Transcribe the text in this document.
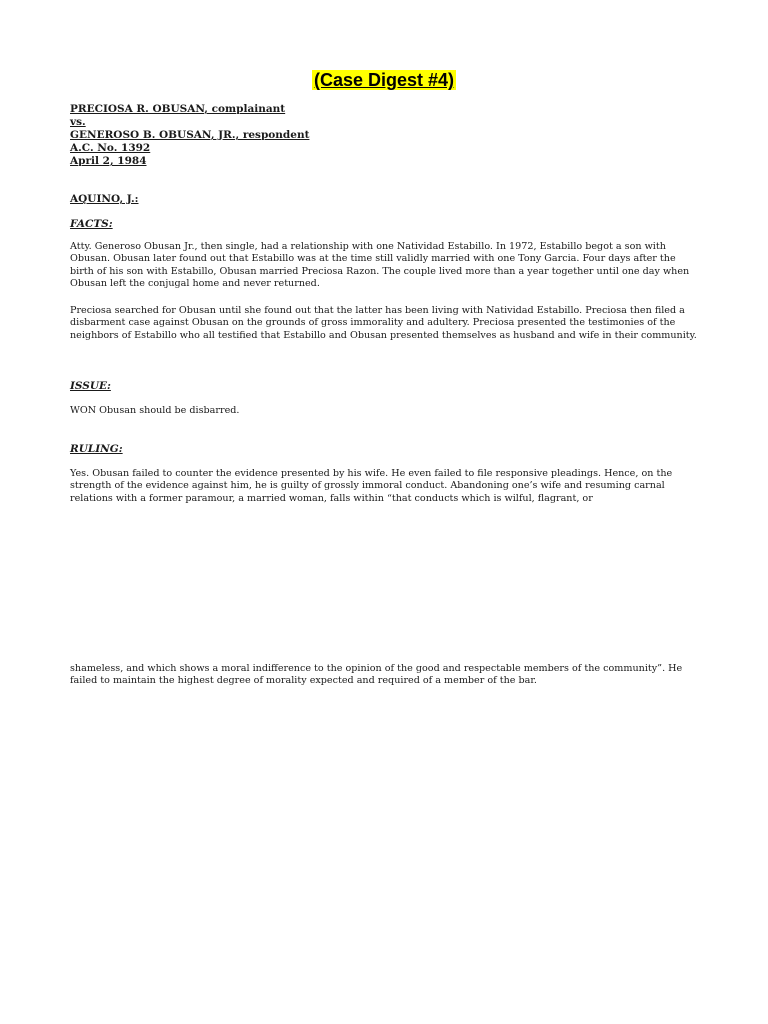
(Case Digest #4)
PRECIOSA R. OBUSAN, complainant
vs.
GENEROSO B. OBUSAN, JR., respondent
A.C. No. 1392
April 2, 1984
AQUINO, J.:
FACTS:
Atty. Generoso Obusan Jr., then single, had a relationship with one Natividad Estabillo. In 1972, Estabillo begot a son with Obusan. Obusan later found out that Estabillo was at the time still validly married with one Tony Garcia. Four days after the birth of his son with Estabillo, Obusan married Preciosa Razon. The couple lived more than a year together until one day when Obusan left the conjugal home and never returned.
Preciosa searched for Obusan until she found out that the latter has been living with Natividad Estabillo. Preciosa then filed a disbarment case against Obusan on the grounds of gross immorality and adultery. Preciosa presented the testimonies of the neighbors of Estabillo who all testified that Estabillo and Obusan presented themselves as husband and wife in their community.
ISSUE:
WON Obusan should be disbarred.
RULING:
Yes. Obusan failed to counter the evidence presented by his wife. He even failed to file responsive pleadings. Hence, on the strength of the evidence against him, he is guilty of grossly immoral conduct. Abandoning one’s wife and resuming carnal relations with a former paramour, a married woman, falls within “that conducts which is wilful, flagrant, or
shameless, and which shows a moral indifference to the opinion of the good and respectable members of the community”. He failed to maintain the highest degree of morality expected and required of a member of the bar.
